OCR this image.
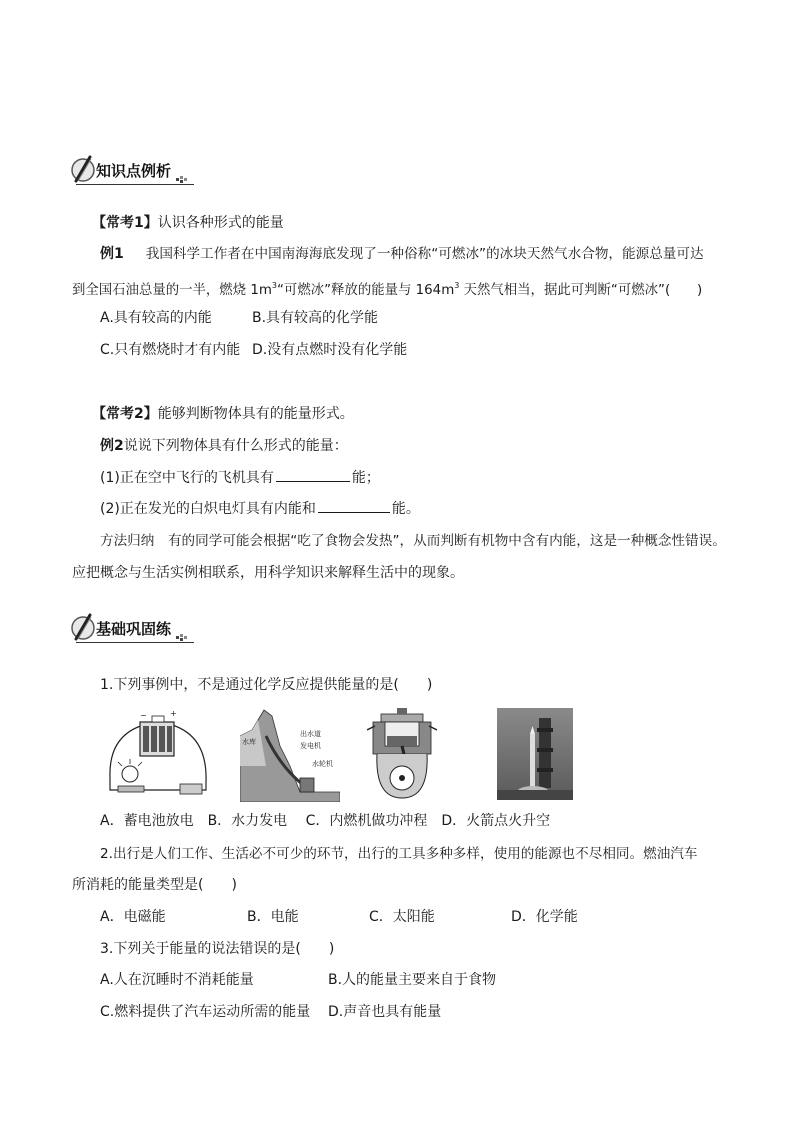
知识点例析
【常考1】认识各种形式的能量
例1 我国科学工作者在中国南海海底发现了一种俗称“可燃冰”的冰块天然气水合物，能源总量可达
到全国石油总量的一半，燃烧 $1m^3“$可燃冰”释放的能量与 $164m^3$ 天然气相当，据此可判断“可燃冰”(　　)
A.具有较高的内能	B.具有较高的化学能
C.只有燃烧时才有内能 D.没有点燃时没有化学能
【常考2】能够判断物体具有的能量形式。
例2说说下列物体具有什么形式的能量：
(1)正在空中飞行的飞机具有	能；
(2)正在发光的白炽电灯具有内能和	能。
方法归纳　有的同学可能会根据“吃了食物会发热”，从而判断有机物中含有内能，这是一种概念性错误。
应把概念与生活实例相联系，用科学知识来解释生活中的现象。
基础巩固练
1.下列事例中，不是通过化学反应提供能量的是(　　)
+
−
水库
出水道
发电机
水轮机
A．蓄电池放电　B．水力发电　 C．内燃机做功冲程　D．火箭点火升空
2.出行是人们工作、生活必不可少的环节，出行的工具多种多样，使用的能源也不尽相同。燃油汽车
所消耗的能量类型是(　　)
A．电磁能	B．电能	C．太阳能	D．化学能
3.下列关于能量的说法错误的是(　　)
A.人在沉睡时不消耗能量	B.人的能量主要来自于食物
C.燃料提供了汽车运动所需的能量 D.声音也具有能量
